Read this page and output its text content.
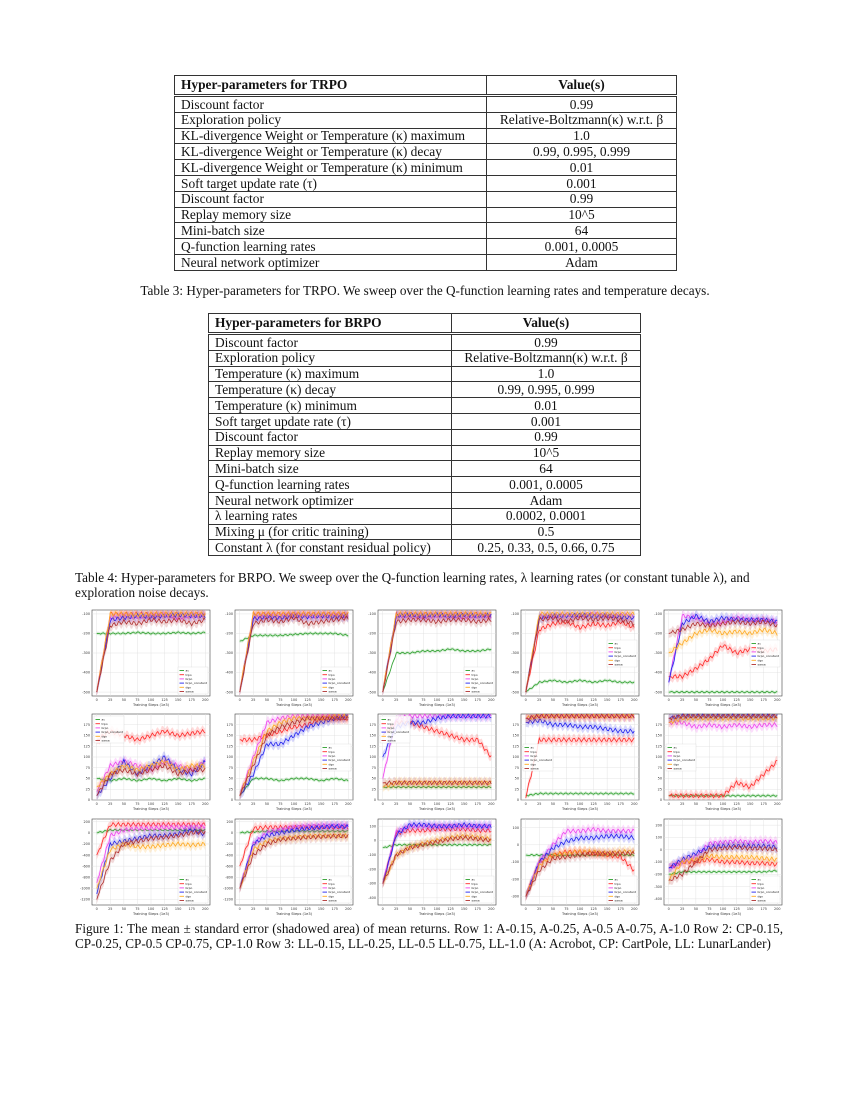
Hyper-parameters for TRPO	Value(s)
Discount factor	0.99
Exploration policy	Relative-Boltzmann(κ) w.r.t. β
KL-divergence Weight or Temperature (κ) maximum	1.0
KL-divergence Weight or Temperature (κ) decay	0.99, 0.995, 0.999
KL-divergence Weight or Temperature (κ) minimum	0.01
Soft target update rate (τ)	0.001
Discount factor	0.99
Replay memory size	10^5
Mini-batch size	64
Q-function learning rates	0.001, 0.0005
Neural network optimizer	Adam
Table 3: Hyper-parameters for TRPO. We sweep over the Q-function learning rates and temperature decays.
Hyper-parameters for BRPO	Value(s)
Discount factor	0.99
Exploration policy	Relative-Boltzmann(κ) w.r.t. β
Temperature (κ) maximum	1.0
Temperature (κ) decay	0.99, 0.995, 0.999
Temperature (κ) minimum	0.01
Soft target update rate (τ)	0.001
Discount factor	0.99
Replay memory size	10^5
Mini-batch size	64
Q-function learning rates	0.001, 0.0005
Neural network optimizer	Adam
λ learning rates	0.0002, 0.0001
Mixing μ (for critic training)	0.5
Constant λ (for constant residual policy)	0.25, 0.33, 0.5, 0.66, 0.75
Table 4: Hyper-parameters for BRPO. We sweep over the Q-function learning rates, λ learning rates (or constant tunable λ), and exploration noise decays.
0	25	50	75 100 125 150 175 200
-100
-200
-300
-400
-500
Training Steps (1e3)
ac
trpo
brpo
brpo_constant
dqn
sarsa
0	25	50	75 100 125 150 175 200
-100
-200
-300
-400
-500
Training Steps (1e3)
ac
trpo
brpo
brpo_constant
dqn
sarsa
0	25	50	75 100 125 150 175 200
-100
-200
-300
-400
-500
Training Steps (1e3)
ac
trpo
brpo
brpo_constant
dqn
sarsa
0	25	50	75 100 125 150 175 200
-100
-200
-300
-400
-500
Training Steps (1e3)
ac
trpo
brpo
brpo_constant
dqn
sarsa
0	25	50	75 100 125 150 175 200
-100
-200
-300
-400
-500
Training Steps (1e3)
ac
trpo
brpo
brpo_constant
dqn
sarsa
0	25	50	75 100 125 150 175 200
0
25
50
75
100
125
150
175
Training Steps (1e3)
ac
trpo
brpo
brpo_constant
dqn
sarsa
0	25	50	75 100 125 150 175 200
0
25
50
75
100
125
150
175
Training Steps (1e3)
ac
trpo
brpo
brpo_constant
dqn
sarsa
0	25	50	75 100 125 150 175 200
0
25
50
75
100
125
150
175
Training Steps (1e3)
ac
trpo
brpo
brpo_constant
dqn
sarsa
0	25	50	75 100 125 150 175 200
0
25
50
75
100
125
150
175
Training Steps (1e3)
ac
trpo
brpo
brpo_constant
dqn
sarsa
0	25	50	75 100 125 150 175 200
0
25
50
75
100
125
150
175
Training Steps (1e3)
ac
trpo
brpo
brpo_constant
dqn
sarsa
0	25	50	75 100 125 150 175 200
200
0
-200
-400
-600
-800
-1000
-1200
Training Steps (1e3)
ac
trpo
brpo
brpo_constant
dqn
sarsa
0	25	50	75 100 125 150 175 200
200
0
-200
-400
-600
-800
-1000
-1200
Training Steps (1e3)
ac
trpo
brpo
brpo_constant
dqn
sarsa
0	25	50	75 100 125 150 175 200
100
0
-100
-200
-300
-400
Training Steps (1e3)
ac
trpo
brpo
brpo_constant
dqn
sarsa
0	25	50	75 100 125 150 175 200
100
0
-100
-200
-300
Training Steps (1e3)
ac
trpo
brpo
brpo_constant
dqn
sarsa
0	25	50	75 100 125 150 175 200
200
100
0
-100
-200
-300
-400
Training Steps (1e3)
ac
trpo
brpo
brpo_constant
dqn
sarsa
Figure 1: The mean ± standard error (shadowed area) of mean returns. Row 1: A-0.15, A-0.25, A-0.5 A-0.75, A-1.0 Row 2: CP-0.15, CP-0.25, CP-0.5 CP-0.75, CP-1.0 Row 3: LL-0.15, LL-0.25, LL-0.5 LL-0.75, LL-1.0 (A: Acrobot, CP: CartPole, LL: LunarLander)
